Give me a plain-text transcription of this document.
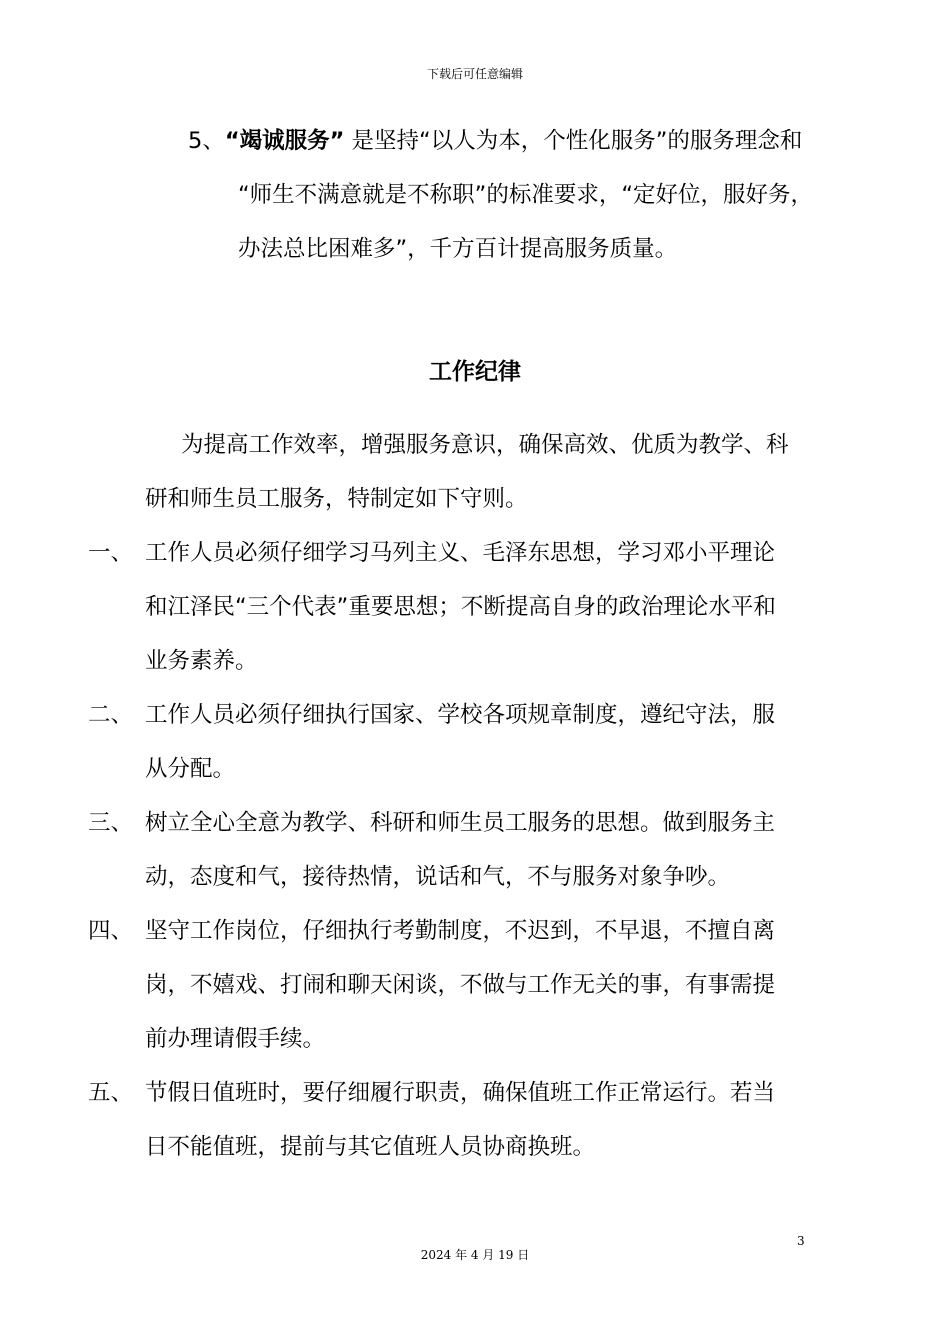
下载后可任意编辑
5、“竭诚服务” 是坚持“以人为本，个性化服务”的服务理念和
“师生不满意就是不称职”的标准要求，“定好位，服好务，
办法总比困难多”，千方百计提高服务质量。
工作纪律
为提高工作效率，增强服务意识，确保高效、优质为教学、科
研和师生员工服务，特制定如下守则。
一、 工作人员必须仔细学习马列主义、毛泽东思想，学习邓小平理论
和江泽民“三个代表”重要思想；不断提高自身的政治理论水平和
业务素养。
二、 工作人员必须仔细执行国家、学校各项规章制度，遵纪守法，服
从分配。
三、 树立全心全意为教学、科研和师生员工服务的思想。做到服务主
动，态度和气，接待热情，说话和气，不与服务对象争吵。
四、 坚守工作岗位，仔细执行考勤制度，不迟到，不早退，不擅自离
岗，不嬉戏、打闹和聊天闲谈，不做与工作无关的事，有事需提
前办理请假手续。
五、 节假日值班时，要仔细履行职责，确保值班工作正常运行。若当
日不能值班，提前与其它值班人员协商换班。
3
2024 年 4 月 19 日
